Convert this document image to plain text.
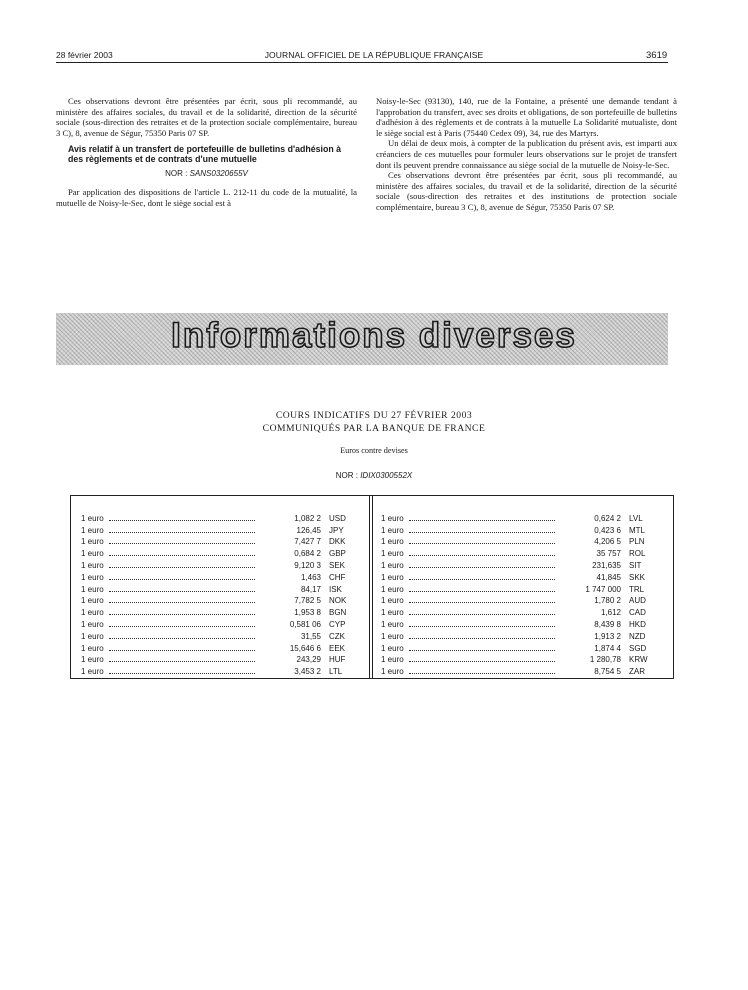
28 février 2003	JOURNAL OFFICIEL DE LA RÉPUBLIQUE FRANÇAISE	3619

Ces observations devront être présentées par écrit, sous pli recommandé, au ministère des affaires sociales, du travail et de la solidarité, direction de la sécurité sociale (sous-direction des retraites et de la protection sociale complémentaire, bureau 3 C), 8, avenue de Ségur, 75350 Paris 07 SP.

Avis relatif à un transfert de portefeuille de bulletins d'adhésion à des règlements et de contrats d'une mutuelle

NOR : SANS0320655V

Par application des dispositions de l'article L. 212-11 du code de la mutualité, la mutuelle de Noisy-le-Sec, dont le siège social est à

Noisy-le-Sec (93130), 140, rue de la Fontaine, a présenté une demande tendant à l'approbation du transfert, avec ses droits et obligations, de son portefeuille de bulletins d'adhésion à des règlements et de contrats à la mutuelle La Solidarité mutualiste, dont le siège social est à Paris (75440 Cedex 09), 34, rue des Martyrs.

Un délai de deux mois, à compter de la publication du présent avis, est imparti aux créanciers de ces mutuelles pour formuler leurs observations sur le projet de transfert dont ils peuvent prendre connaissance au siège social de la mutuelle de Noisy-le-Sec.

Ces observations devront être présentées par écrit, sous pli recommandé, au ministère des affaires sociales, du travail et de la solidarité, direction de la sécurité sociale (sous-direction des retraites et des institutions de protection sociale complémentaire, bureau 3 C), 8, avenue de Ségur, 75350 Paris 07 SP.

Informations diverses
COURS INDICATIFS DU 27 FÉVRIER 2003
COMMUNIQUÉS PAR LA BANQUE DE FRANCE
Euros contre devises
NOR : IDIX0300552X
1 euro	1,082 2	USD
1 euro	126,45	JPY
1 euro	7,427 7	DKK
1 euro	0,684 2	GBP
1 euro	9,120 3	SEK
1 euro	1,463	CHF
1 euro	84,17	ISK
1 euro	7,782 5	NOK
1 euro	1,953 8	BGN
1 euro	0,581 06	CYP
1 euro	31,55	CZK
1 euro	15,646 6	EEK
1 euro	243,29	HUF
1 euro	3,453 2	LTL
1 euro	0,624 2	LVL
1 euro	0,423 6	MTL
1 euro	4,206 5	PLN
1 euro	35 757	ROL
1 euro	231,635	SIT
1 euro	41,845	SKK
1 euro	1 747 000	TRL
1 euro	1,780 2	AUD
1 euro	1,612	CAD
1 euro	8,439 8	HKD
1 euro	1,913 2	NZD
1 euro	1,874 4	SGD
1 euro	1 280,78	KRW
1 euro	8,754 5	ZAR
